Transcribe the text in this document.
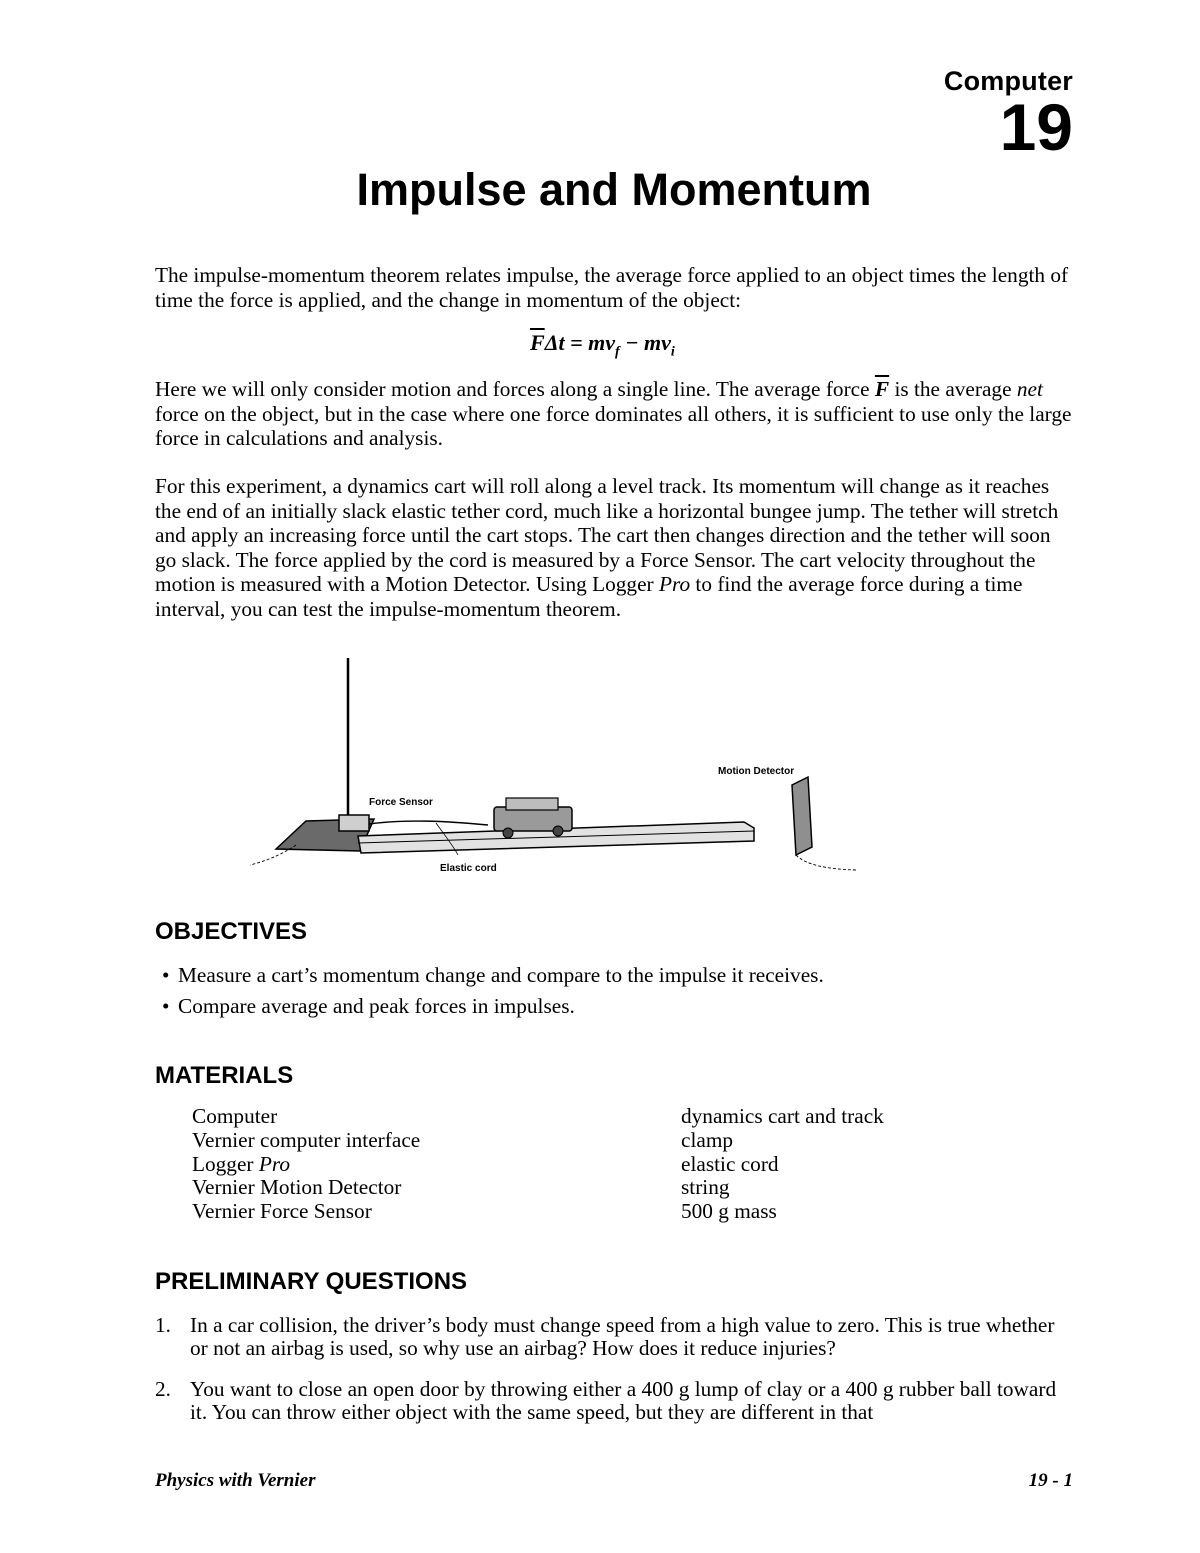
Computer
19
Impulse and Momentum
The impulse-momentum theorem relates impulse, the average force applied to an object times the length of time the force is applied, and the change in momentum of the object:
$\overline{F}\Delta t = mv_f - mv_i$
Here we will only consider motion and forces along a single line. The average force $\overline{F}$ is the average net force on the object, but in the case where one force dominates all others, it is sufficient to use only the large force in calculations and analysis.
For this experiment, a dynamics cart will roll along a level track. Its momentum will change as it reaches the end of an initially slack elastic tether cord, much like a horizontal bungee jump. The tether will stretch and apply an increasing force until the cart stops. The cart then changes direction and the tether will soon go slack. The force applied by the cord is measured by a Force Sensor. The cart velocity throughout the motion is measured with a Motion Detector. Using Logger Pro to find the average force during a time interval, you can test the impulse-momentum theorem.
Force Sensor
Motion Detector
Elastic cord
OBJECTIVES
• Measure a cart’s momentum change and compare to the impulse it receives.
• Compare average and peak forces in impulses.
MATERIALS
Computer
Vernier computer interface
Logger Pro
Vernier Motion Detector
Vernier Force Sensor
dynamics cart and track
clamp
elastic cord
string
500 g mass
PRELIMINARY QUESTIONS
1. In a car collision, the driver’s body must change speed from a high value to zero. This is true whether or not an airbag is used, so why use an airbag? How does it reduce injuries?
2. You want to close an open door by throwing either a 400 g lump of clay or a 400 g rubber ball toward it. You can throw either object with the same speed, but they are different in that
Physics with Vernier	19 - 1
